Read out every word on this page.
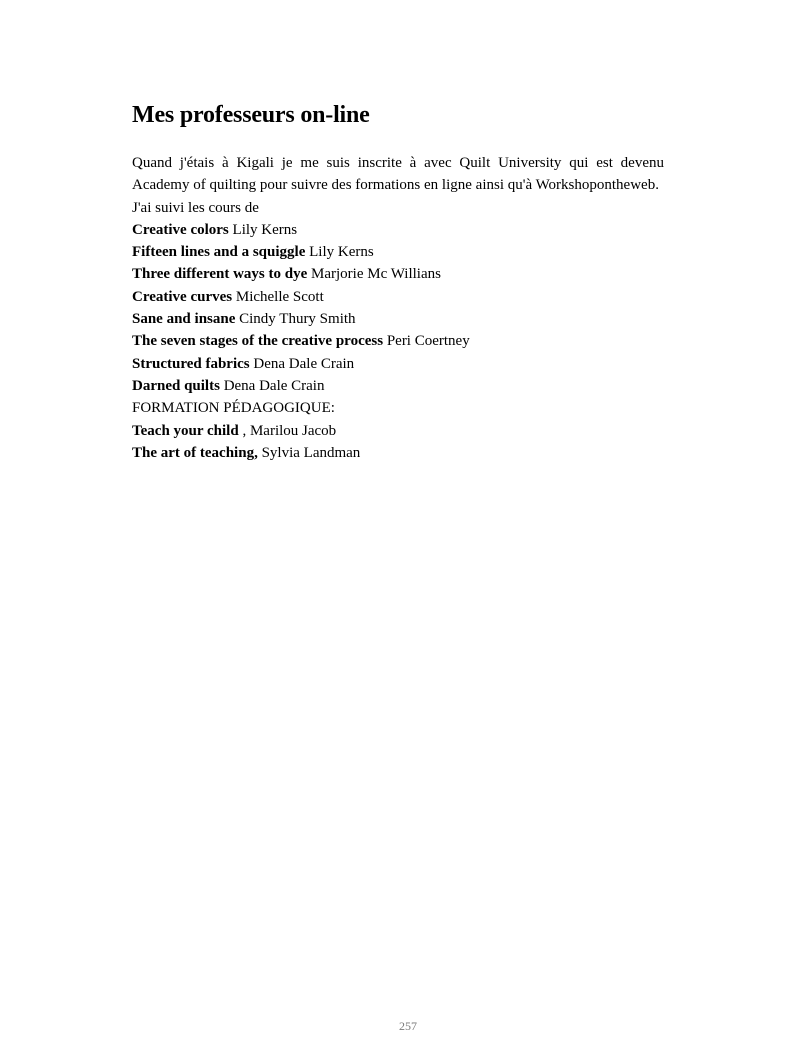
Mes professeurs on-line

Quand j'étais à Kigali je me suis inscrite à avec Quilt University qui est devenu Academy of quilting pour suivre des formations en ligne ainsi qu'à Workshopontheweb.

J'ai suivi les cours de

Creative colors Lily Kerns

Fifteen lines and a squiggle Lily Kerns

Three different ways to dye Marjorie Mc Willians

Creative curves Michelle Scott

Sane and insane Cindy Thury Smith

The seven stages of the creative process Peri Coertney

Structured fabrics Dena Dale Crain

Darned quilts Dena Dale Crain

FORMATION PÉDAGOGIQUE:

Teach your child , Marilou Jacob

The art of teaching, Sylvia Landman

257
